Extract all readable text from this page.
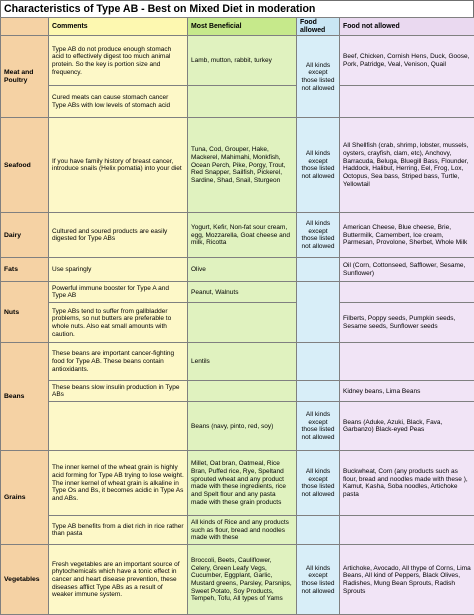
Characteristics of Type AB - Best on Mixed Diet in moderation
	Comments	Most Beneficial	Food allowed	Food not allowed
Meat and Poultry	Type AB do not produce enough stomach acid to effectively digest too much animal protein. So the key is portion size and frequency.	Lamb, mutton, rabbit, turkey	All kinds except those listed not allowed	Beef, Chicken, Cornish Hens, Duck, Goose, Pork, Patridge, Veal, Venison, Quail
	Cured meats can cause stomach cancer Type ABs with low levels of stomach acid			
Seafood	If you have family history of breast cancer, introduce snails (Helix pomatia) into your diet	Tuna, Cod, Grouper, Hake, Mackerel, Mahimahi, Monkfish, Ocean Perch, Pike, Porgy, Trout, Red Snapper, Sailfish, Pickerel, Sardine, Shad, Snail, Sturgeon	All kinds except those listed not allowed	All Shellfish (crab, shrimp, lobster, mussels, oysters, crayfish, clam, etc), Anchovy, Barracuda, Beluga, Bluegill Bass, Flounder, Haddock, Halibut, Herring, Eel, Frog, Lox, Octopus, Sea bass, Striped bass, Turtle, Yellowtail
Dairy	Cultured and soured products are easily digested for Type ABs	Yogurt, Kefir, Non-fat sour cream, egg, Mozzarella, Goat cheese and milk, Ricotta	All kinds except those listed not allowed	American Cheese, Blue cheese, Brie, Buttermilk, Camembert, Ice cream, Parmesan, Provolone, Sherbet, Whole Milk
Fats	Use sparingly	Olive		Oil (Corn, Cottonseed, Safflower, Sesame, Sunflower)
Nuts	Powerful immune booster for Type A and Type AB	Peanut, Walnuts		
	Type ABs tend to suffer from gallbladder problems, so nut butters are preferable to whole nuts. Also eat small amounts with caution.			Filberts, Poppy seeds, Pumpkin seeds, Sesame seeds, Sunflower seeds
Beans	These beans are important cancer-fighting food for Type AB. These beans contain antioxidants.	Lentils		
	These beans slow insulin production in Type ABs			Kidney beans, Lima Beans
		Beans (navy, pinto, red, soy)	All kinds except those listed not allowed	Beans (Aduke, Azuki, Black, Fava, Garbanzo) Black-eyed Peas
Grains	The inner kernel of the wheat grain is highly acid forming for Type AB trying to lose weight. The inner kernel of wheat grain is alkaline in Type Os and Bs, it becomes acidic in Type As and ABs.	Millet, Oat bran, Oatmeal, Rice Bran, Puffed rice, Rye, Speltand sprouted wheat and any product made with these ingredients, rice and Spelt flour and any pasta made with these grain products	All kinds except those listed not allowed	Buckwheat, Corn (any products such as flour, bread and noodles made with these ), Kamut, Kasha, Soba noodles, Artichoke pasta
	Type AB benefits from a diet rich in rice rather than pasta	All kinds of Rice and any products such as flour, bread and noodles made with these		
Vegetables	Fresh vegetables are an important source of phytochemicals which have a tonic effect in cancer and heart disease prevention, these diseases afflict Type ABs as a result of weaker immune system.	Broccoli, Beets, Cauliflower, Celery, Green Leafy Vegs, Cucumber, Eggplant, Garlic, Mustard greens, Parsley, Parsnips, Sweet Potato, Soy Products, Tempeh, Tofu, All types of Yams	All kinds except those listed not allowed	Artichoke, Avocado, All thype of Corns, Lima Beans, All kind of Peppers, Black Olives, Radishes, Mung Bean Sprouts, Radish Sprouts
